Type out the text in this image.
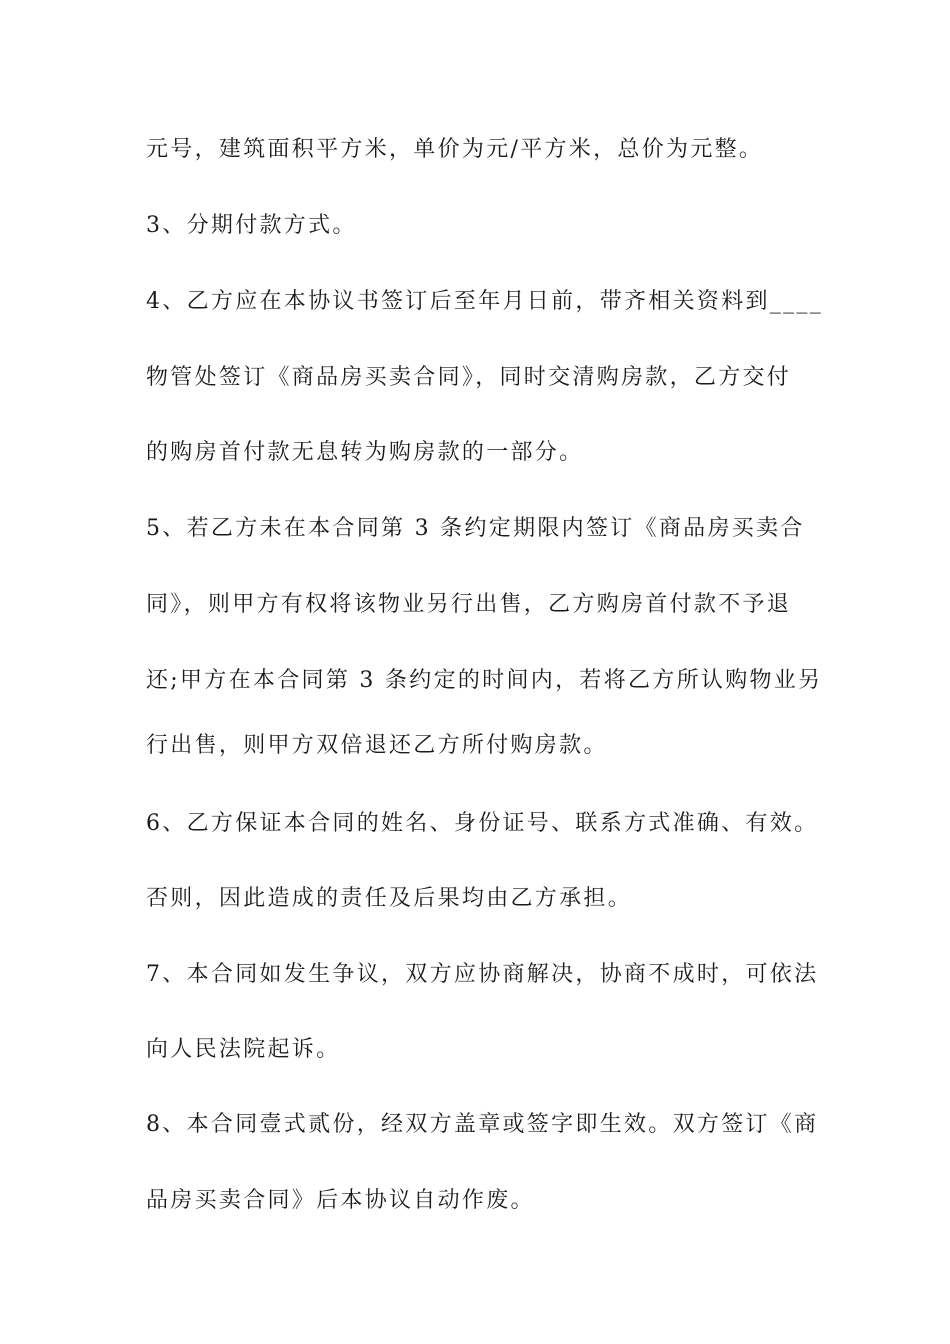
元号，建筑面积平方米，单价为元/平方米，总价为元整。
3、分期付款方式。
4、乙方应在本协议书签订后至年月日前，带齐相关资料到____
物管处签订《商品房买卖合同》，同时交清购房款，乙方交付
的购房首付款无息转为购房款的一部分。
5、若乙方未在本合同第 3 条约定期限内签订《商品房买卖合
同》，则甲方有权将该物业另行出售，乙方购房首付款不予退
还;甲方在本合同第 3 条约定的时间内，若将乙方所认购物业另
行出售，则甲方双倍退还乙方所付购房款。
6、乙方保证本合同的姓名、身份证号、联系方式准确、有效。
否则，因此造成的责任及后果均由乙方承担。
7、本合同如发生争议，双方应协商解决，协商不成时，可依法
向人民法院起诉。
8、本合同壹式贰份，经双方盖章或签字即生效。双方签订《商
品房买卖合同》后本协议自动作废。
